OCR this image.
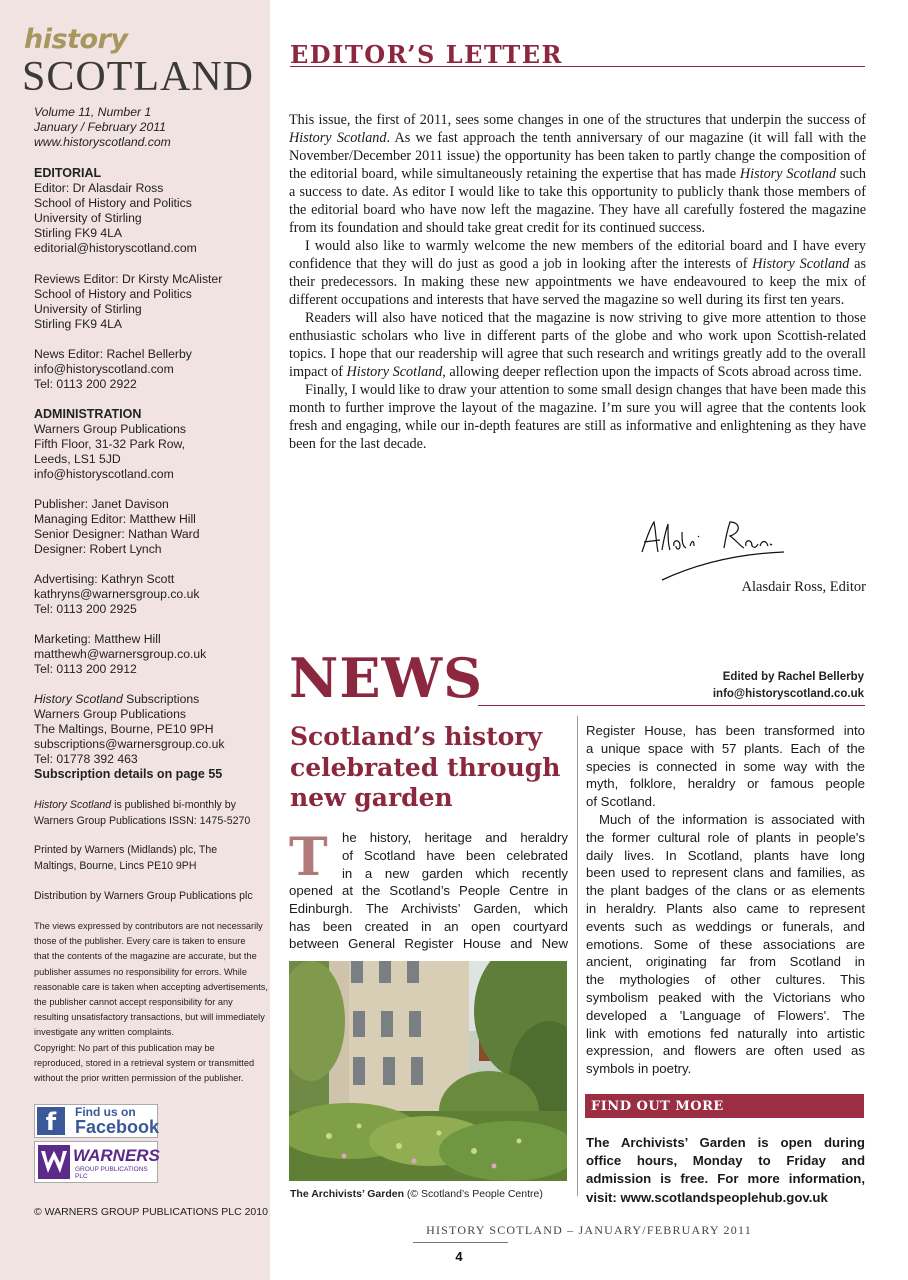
history
SCOTLAND
Volume 11, Number 1
January / February 2011
www.historyscotland.com
EDITORIAL
Editor: Dr Alasdair Ross
School of History and Politics
University of Stirling
Stirling FK9 4LA
editorial@historyscotland.com
Reviews Editor: Dr Kirsty McAlister
School of History and Politics
University of Stirling
Stirling FK9 4LA
News Editor: Rachel Bellerby
info@historyscotland.com
Tel: 0113 200 2922
ADMINISTRATION
Warners Group Publications
Fifth Floor, 31-32 Park Row,
Leeds, LS1 5JD
info@historyscotland.com
Publisher: Janet Davison
Managing Editor: Matthew Hill
Senior Designer: Nathan Ward
Designer: Robert Lynch
Advertising: Kathryn Scott
kathryns@warnersgroup.co.uk
Tel: 0113 200 2925
Marketing: Matthew Hill
matthewh@warnersgroup.co.uk
Tel: 0113 200 2912
History Scotland Subscriptions
Warners Group Publications
The Maltings, Bourne, PE10 9PH
subscriptions@warnersgroup.co.uk
Tel: 01778 392 463
Subscription details on page 55
History Scotland is published bi-monthly by
Warners Group Publications ISSN: 1475-5270
Printed by Warners (Midlands) plc, The
Maltings, Bourne, Lincs PE10 9PH
Distribution by Warners Group Publications plc
The views expressed by contributors are not necessarily
those of the publisher. Every care is taken to ensure
that the contents of the magazine are accurate, but the
publisher assumes no responsibility for errors. While
reasonable care is taken when accepting advertisements,
the publisher cannot accept responsibility for any
resulting unsatisfactory transactions, but will immediately
investigate any written complaints.
Copyright: No part of this publication may be
reproduced, stored in a retrieval system or transmitted
without the prior written permission of the publisher.
f	Find us on
Facebook
WARNERS
GROUP PUBLICATIONS PLC
© WARNERS GROUP PUBLICATIONS PLC 2010
EDITOR’S LETTER

This issue, the first of 2011, sees some changes in one of the structures that underpin the success of History Scotland. As we fast approach the tenth anniversary of our magazine (it will fall with the November/December 2011 issue) the opportunity has been taken to partly change the composition of the editorial board, while simultaneously retaining the expertise that has made History Scotland such a success to date. As editor I would like to take this opportunity to publicly thank those members of the editorial board who have now left the magazine. They have all carefully fostered the magazine from its foundation and should take great credit for its continued success.

I would also like to warmly welcome the new members of the editorial board and I have every confidence that they will do just as good a job in looking after the interests of History Scotland as their predecessors. In making these new appointments we have endeavoured to keep the mix of different occupations and interests that have served the magazine so well during its first ten years.

Readers will also have noticed that the magazine is now striving to give more attention to those enthusiastic scholars who live in different parts of the globe and who work upon Scottish-related topics. I hope that our readership will agree that such research and writings greatly add to the overall impact of History Scotland, allowing deeper reflection upon the impacts of Scots abroad across time.

Finally, I would like to draw your attention to some small design changes that have been made this month to further improve the layout of the magazine. I’m sure you will agree that the contents look fresh and engaging, while our in-depth features are still as informative and enlightening as they have been for the last decade.

Alasdair Ross, Editor
NEWS	Edited by Rachel Bellerby
info@historyscotland.co.uk
Scotland’s history
celebrated through
new garden
T he history, heritage and heraldry
of Scotland have been celebrated
in a new garden which recently
opened at the Scotland’s People Centre in
Edinburgh. The Archivists’ Garden, which
has been created in an open courtyard
between General Register House and New
The Archivists’ Garden (© Scotland’s People Centre)
Register House, has been transformed into
a unique space with 57 plants. Each of the
species is connected in some way with the
myth, folklore, heraldry or famous people
of Scotland.
Much of the information is associated with
the former cultural role of plants in people's
daily lives. In Scotland, plants have long
been used to represent clans and families, as
the plant badges of the clans or as elements
in heraldry. Plants also came to represent
events such as weddings or funerals, and
emotions. Some of these associations are
ancient, originating far from Scotland in
the mythologies of other cultures. This
symbolism peaked with the Victorians who
developed a 'Language of Flowers'. The
link with emotions fed naturally into artistic
expression, and flowers are often used as
symbols in poetry.
FIND OUT MORE
The Archivists’ Garden is open during
office hours, Monday to Friday and
admission is free. For more information,
visit: www.scotlandspeoplehub.gov.uk
HISTORY SCOTLAND – JANUARY/FEBRUARY 2011
4
